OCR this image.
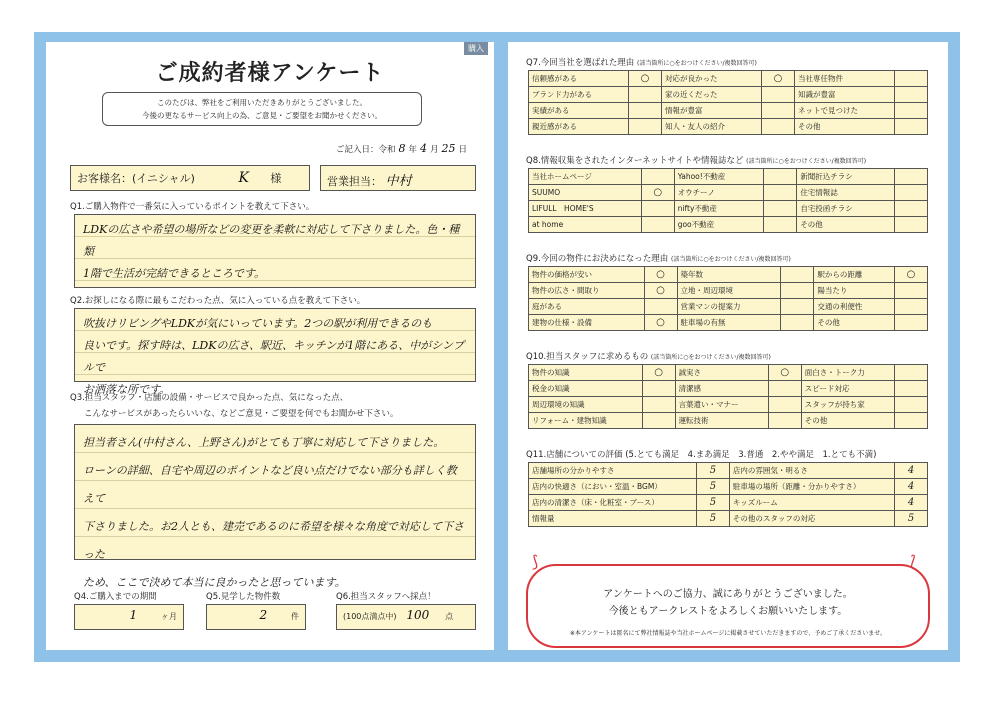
購入
ご成約者様アンケート
このたびは、弊社をご利用いただきありがとうございました。
今後の更なるサービス向上の為、ご意見・ご要望をお聞かせください。
ご記入日：令和 8 年 4 月 25 日
お客様名：(イニシャル)	K 様	営業担当： 中村
Q1.ご購入物件で一番気に入っているポイントを教えて下さい。
LDKの広さや希望の場所などの変更を柔軟に対応して下さりました。色・種類
1階で生活が完結できるところです。
Q2.お探しになる際に最もこだわった点、気に入っている点を教えて下さい。
吹抜けリビングやLDKが気にいっています。2つの駅が利用できるのも
良いです。探す時は、LDKの広さ、駅近、キッチンが1階にある、中がシンプルで
お洒落な所です。
Q3.担当スタッフ・店舗の設備・サービスで良かった点、気になった点、
こんなサービスがあったらいいな、などご意見・ご要望を何でもお聞かせ下さい。
担当者さん(中村さん、上野さん)がとても丁寧に対応して下さりました。
ローンの詳細、自宅や周辺のポイントなど良い点だけでない部分も詳しく教えて
下さりました。お2人とも、建売であるのに希望を様々な角度で対応して下さった
ため、ここで決めて本当に良かったと思っています。
Q4.ご購入までの期間
1	ヶ月
Q5.見学した物件数
2	件
Q6.担当スタッフへ採点！
(100点満点中) 100 点
Q7.今回当社を選ばれた理由 (該当箇所に○をおつけください/複数回答可)
信頼感がある	○	対応が良かった	○	当社専任物件	
ブランド力がある		家の近くだった		知識が豊富	
実績がある		情報が豊富		ネットで見つけた	
親近感がある		知人・友人の紹介		その他	
Q8.情報収集をされたインターネットサイトや情報誌など (該当箇所に○をおつけください/複数回答可)
当社ホームページ		Yahoo!不動産		新聞折込チラシ	
SUUMO	○	オウチーノ		住宅情報誌	
LIFULL　HOME'S		nifty不動産		自宅投函チラシ	
at home		goo不動産		その他	
Q9.今回の物件にお決めになった理由 (該当箇所に○をおつけください/複数回答可)
物件の価格が安い	○	築年数		駅からの距離	○
物件の広さ・間取り	○	立地・周辺環境		陽当たり	
庭がある		営業マンの提案力		交通の利便性	
建物の仕様・設備	○	駐車場の有無		その他	
Q10.担当スタッフに求めるもの (該当箇所に○をおつけください/複数回答可)
物件の知識	○	誠実さ	○	面白さ・トーク力	
税金の知識		清潔感		スピード対応	
周辺環境の知識		言葉遣い・マナー		スタッフが持ち家	
リフォーム・建物知識		運転技術		その他	
Q11.店舗についての評価 (5.とても満足　4.まあ満足　3.普通　2.やや満足　1.とても不満)
店舗場所の分かりやすさ	5	店内の雰囲気・明るさ	4
店内の快適さ（におい・室温・BGM）	5	駐車場の場所（距離・分かりやすさ）	4
店内の清潔さ（床・化粧室・ブース）	5	キッズルーム	4
情報量	5	その他のスタッフの対応	5
アンケートへのご協力、誠にありがとうございました。
今後ともアークレストをよろしくお願いいたします。
※本アンケートは匿名にて弊社情報誌や当社ホームページに掲載させていただきますので、予めご了承くださいませ。
⟆	⟅
